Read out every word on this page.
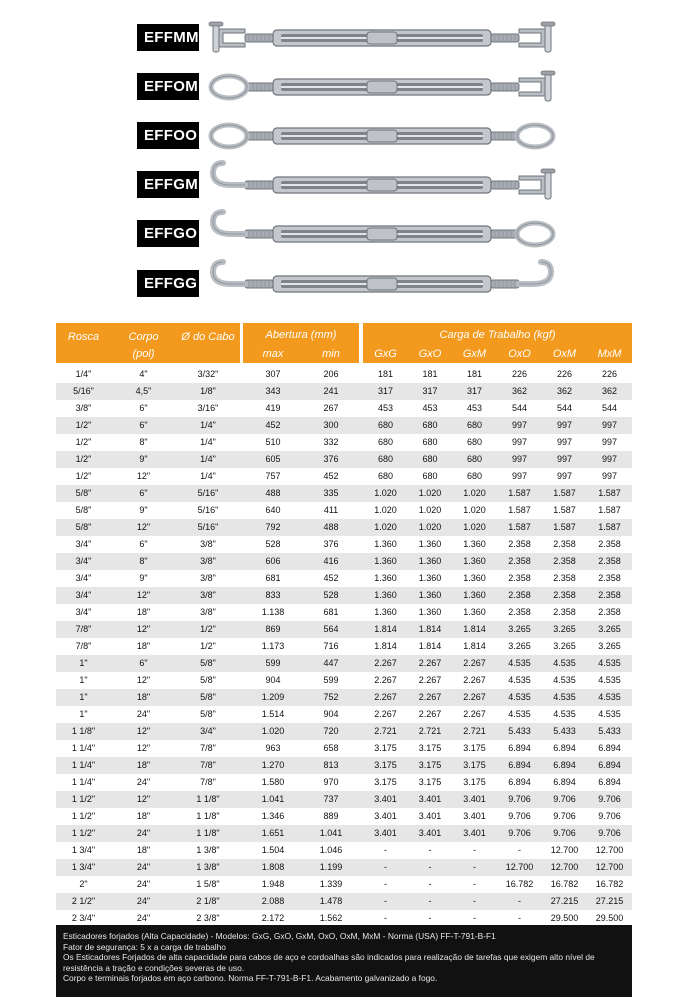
EFFMM
EFFOM
EFFOO
EFFGM
EFFGO
EFFGG
Rosca	Corpo
(pol)
Ø do Cabo	Abertura (mm)
max	min
Carga de Trabalho (kgf)
GxG	GxO	GxM	OxO	OxM	MxM
1/4"	4"	3/32"	307	206	181	181	181	226	226	226
5/16"	4,5"	1/8"	343	241	317	317	317	362	362	362
3/8"	6"	3/16"	419	267	453	453	453	544	544	544
1/2"	6"	1/4"	452	300	680	680	680	997	997	997
1/2"	8"	1/4"	510	332	680	680	680	997	997	997
1/2"	9"	1/4"	605	376	680	680	680	997	997	997
1/2"	12"	1/4"	757	452	680	680	680	997	997	997
5/8"	6"	5/16"	488	335	1.020	1.020	1.020	1.587	1.587	1.587
5/8"	9"	5/16"	640	411	1.020	1.020	1.020	1.587	1.587	1.587
5/8"	12"	5/16"	792	488	1.020	1.020	1.020	1.587	1.587	1.587
3/4"	6"	3/8"	528	376	1.360	1.360	1.360	2.358	2.358	2.358
3/4"	8"	3/8"	606	416	1.360	1.360	1.360	2.358	2.358	2.358
3/4"	9"	3/8"	681	452	1.360	1.360	1.360	2.358	2.358	2.358
3/4"	12"	3/8"	833	528	1.360	1.360	1.360	2.358	2.358	2.358
3/4"	18"	3/8"	1.138	681	1.360	1.360	1.360	2.358	2.358	2.358
7/8"	12"	1/2"	869	564	1.814	1.814	1.814	3.265	3.265	3.265
7/8"	18"	1/2"	1.173	716	1.814	1.814	1.814	3.265	3.265	3.265
1"	6"	5/8"	599	447	2.267	2.267	2.267	4.535	4.535	4.535
1"	12"	5/8"	904	599	2.267	2.267	2.267	4.535	4.535	4.535
1"	18"	5/8"	1.209	752	2.267	2.267	2.267	4.535	4.535	4.535
1"	24"	5/8"	1.514	904	2.267	2.267	2.267	4.535	4.535	4.535
1 1/8"	12"	3/4"	1.020	720	2.721	2.721	2.721	5.433	5.433	5.433
1 1/4"	12"	7/8"	963	658	3.175	3.175	3.175	6.894	6.894	6.894
1 1/4"	18"	7/8"	1.270	813	3.175	3.175	3.175	6.894	6.894	6.894
1 1/4"	24"	7/8"	1.580	970	3.175	3.175	3.175	6.894	6.894	6.894
1 1/2"	12"	1 1/8"	1.041	737	3.401	3.401	3.401	9.706	9.706	9.706
1 1/2"	18"	1 1/8"	1.346	889	3.401	3.401	3.401	9.706	9.706	9.706
1 1/2"	24"	1 1/8"	1.651	1.041	3.401	3.401	3.401	9.706	9.706	9.706
1 3/4"	18"	1 3/8"	1.504	1.046	-	-	-	-	12.700	12.700
1 3/4"	24"	1 3/8"	1.808	1.199	-	-	-	12.700	12.700	12.700
2"	24"	1 5/8"	1.948	1.339	-	-	-	16.782	16.782	16.782
2 1/2"	24"	2 1/8"	2.088	1.478	-	-	-	-	27.215	27.215
2 3/4"	24"	2 3/8"	2.172	1.562	-	-	-	-	29.500	29.500

Esticadores forjados (Alta Capacidade) - Modelos: GxG, GxO, GxM, OxO, OxM, MxM - Norma (USA) FF-T-791-B-F1

Fator de segurança: 5 x a carga de trabalho

Os Esticadores Forjados de alta capacidade para cabos de aço e cordoalhas são indicados para realização de tarefas que exigem alto nível de resistência a tração e condições severas de uso.

Corpo e terminais forjados em aço carbono. Norma FF-T-791-B-F1. Acabamento galvanizado a fogo.
